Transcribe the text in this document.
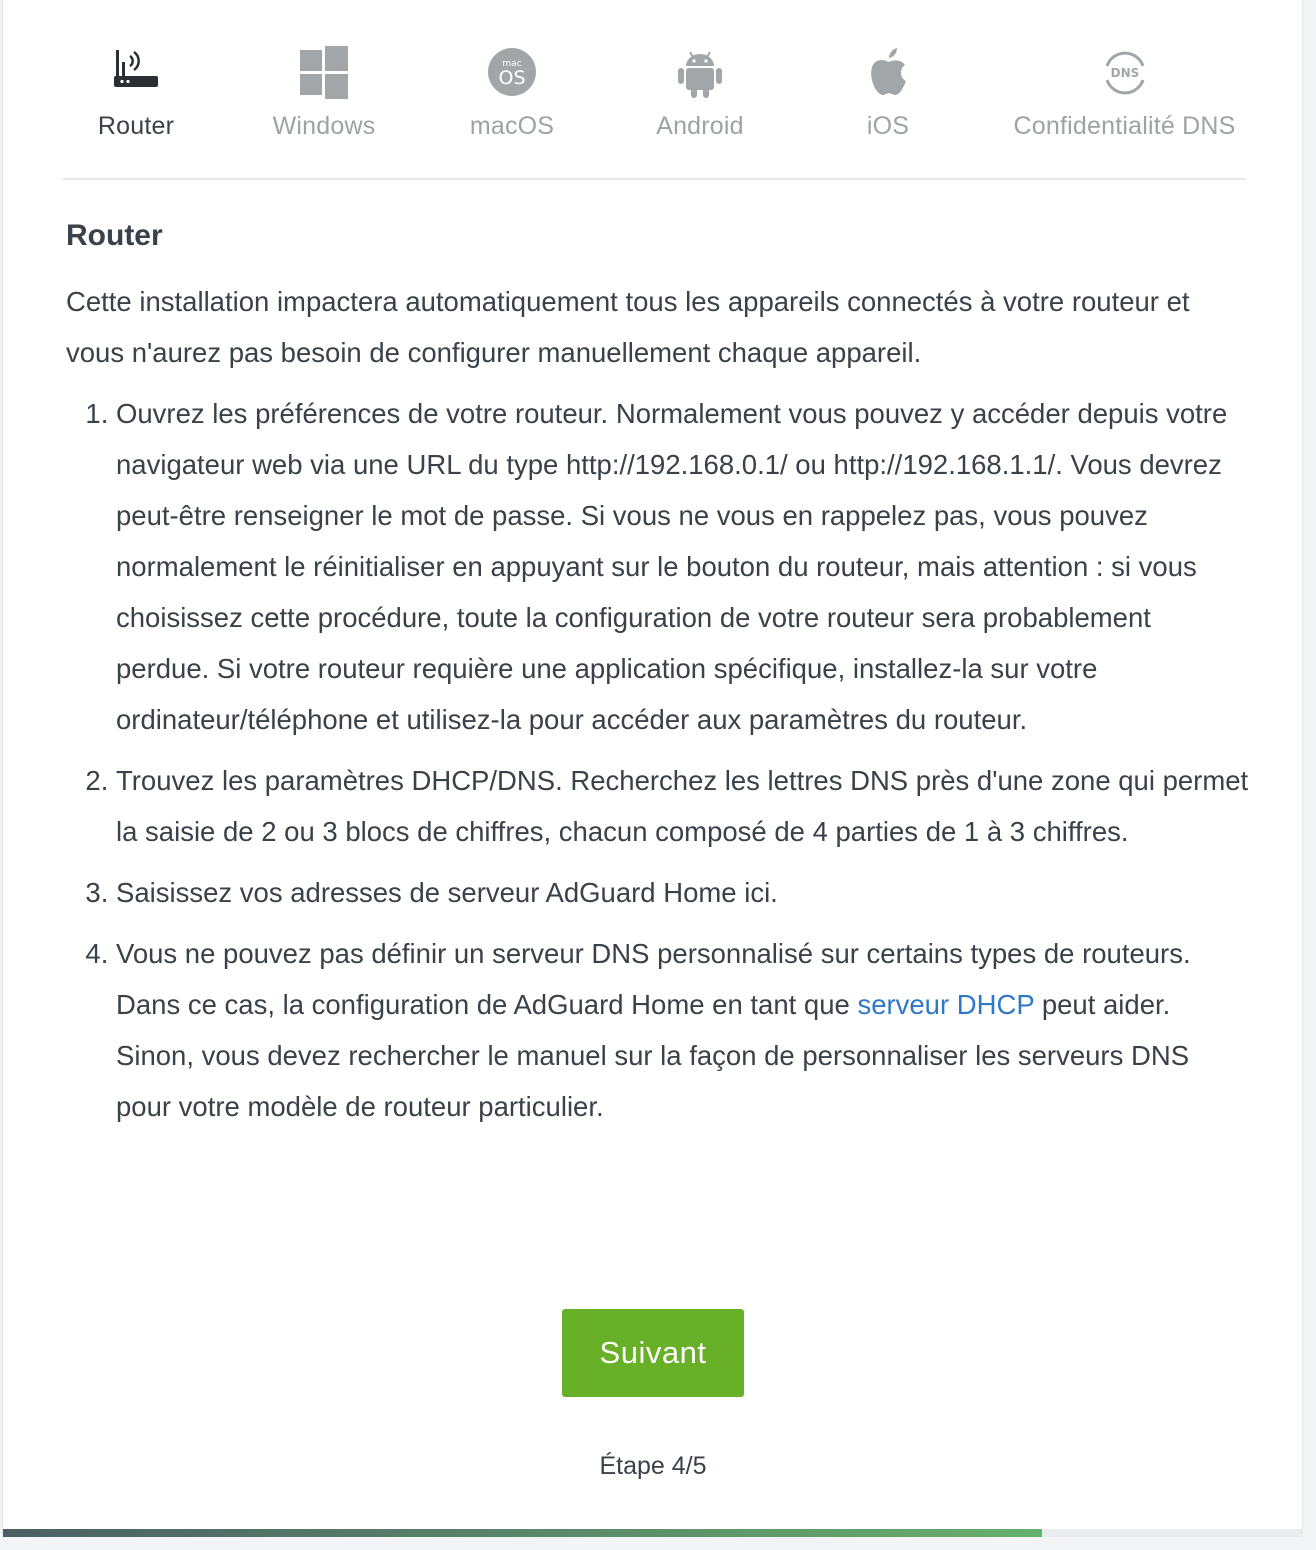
Router	Windows
mac
OS
macOS	Android	iOS
DNS
Confidentialité DNS
Router

Cette installation impactera automatiquement tous les appareils connectés à votre routeur et vous n'aurez pas besoin de configurer manuellement chaque appareil.

1. Ouvrez les préférences de votre routeur. Normalement vous pouvez y accéder depuis votre navigateur web via une URL du type http://192.168.0.1/ ou http://192.168.1.1/. Vous devrez peut-être renseigner le mot de passe. Si vous ne vous en rappelez pas, vous pouvez normalement le réinitialiser en appuyant sur le bouton du routeur, mais attention : si vous choisissez cette procédure, toute la configuration de votre routeur sera probablement perdue. Si votre routeur requière une application spécifique, installez-la sur votre ordinateur/téléphone et utilisez-la pour accéder aux paramètres du routeur.
2. Trouvez les paramètres DHCP/DNS. Recherchez les lettres DNS près d'une zone qui permet la saisie de 2 ou 3 blocs de chiffres, chacun composé de 4 parties de 1 à 3 chiffres.
3. Saisissez vos adresses de serveur AdGuard Home ici.
4. Vous ne pouvez pas définir un serveur DNS personnalisé sur certains types de routeurs. Dans ce cas, la configuration de AdGuard Home en tant que serveur DHCP peut aider. Sinon, vous devez rechercher le manuel sur la façon de personnaliser les serveurs DNS pour votre modèle de routeur particulier.
Suivant
Étape 4/5
